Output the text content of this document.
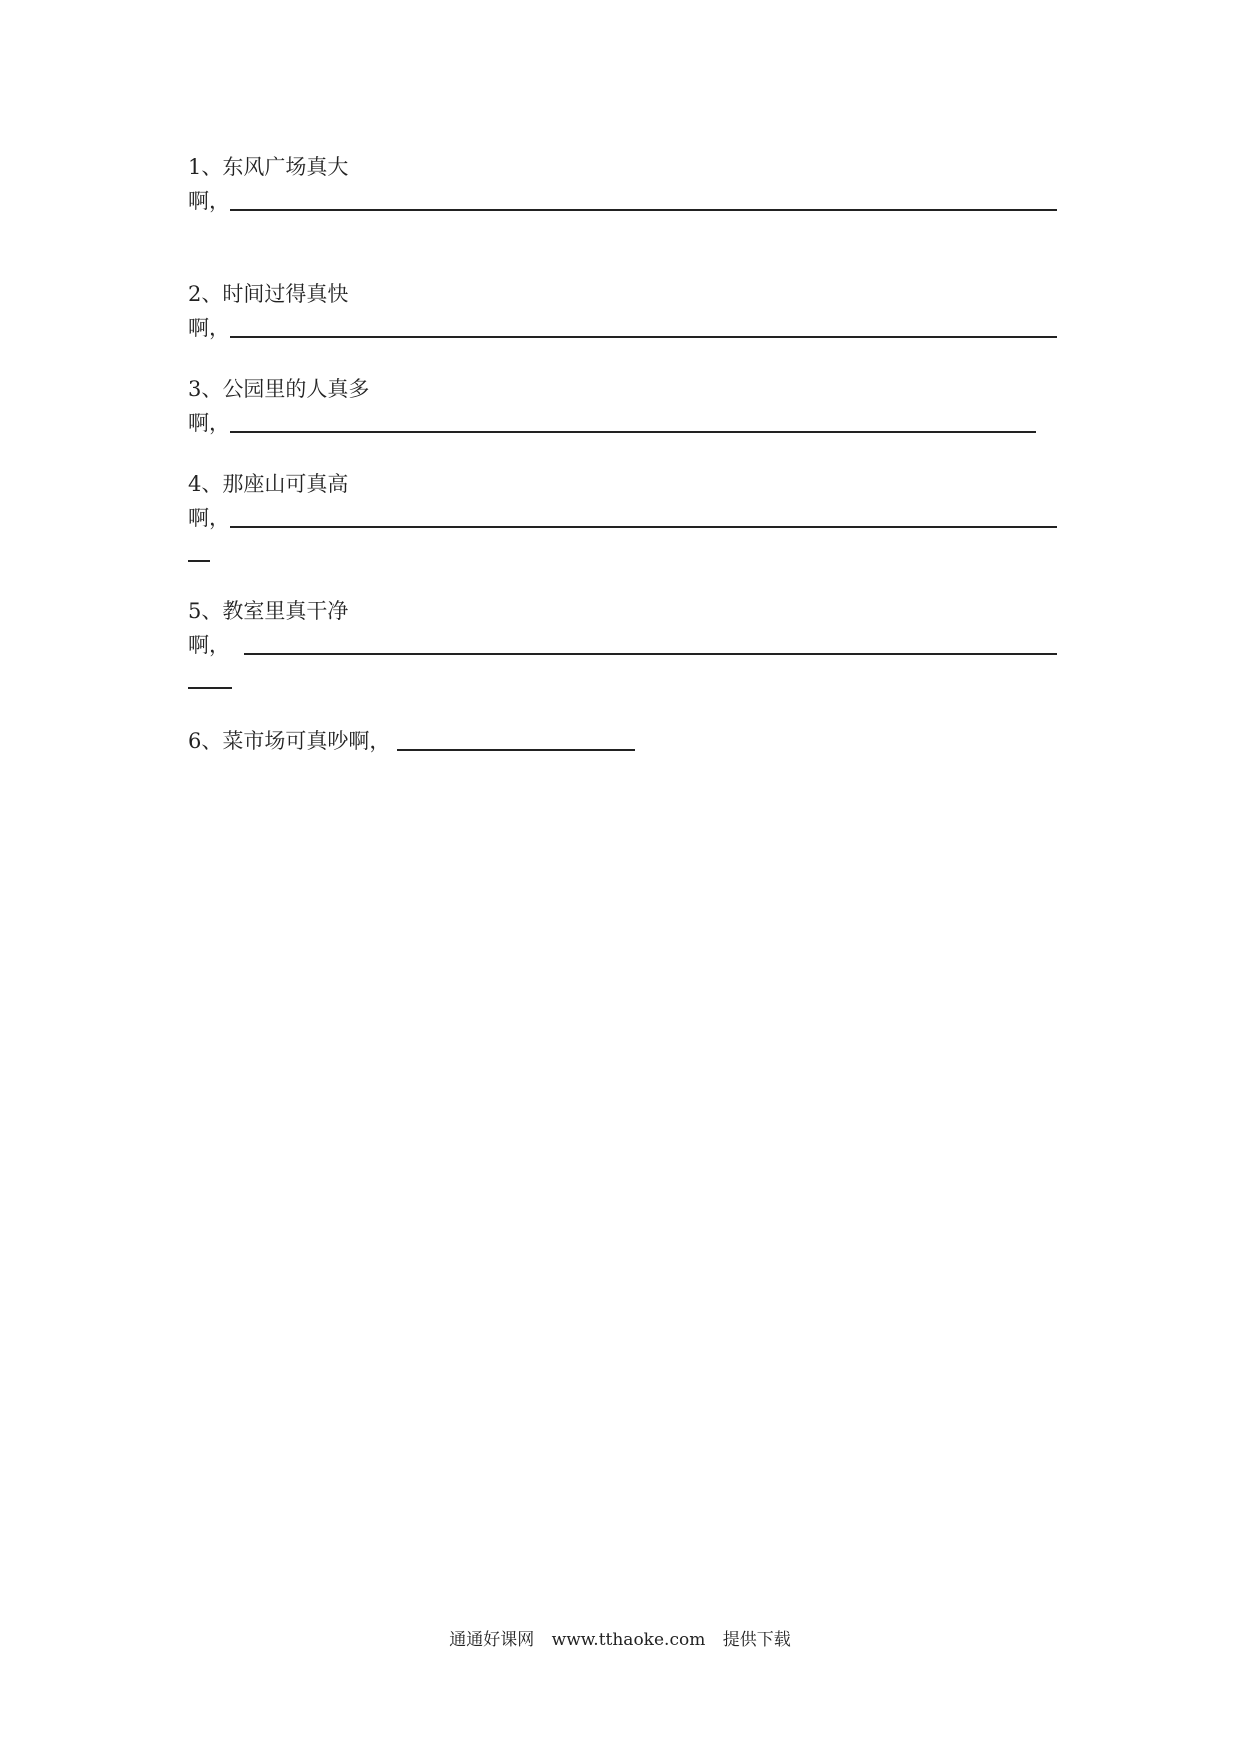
1、东风广场真大
啊，
2、时间过得真快
啊，
3、公园里的人真多
啊，
4、那座山可真高
啊，
5、教室里真干净
啊，
6、菜市场可真吵啊，
通通好课网 www.tthaoke.com 提供下载
